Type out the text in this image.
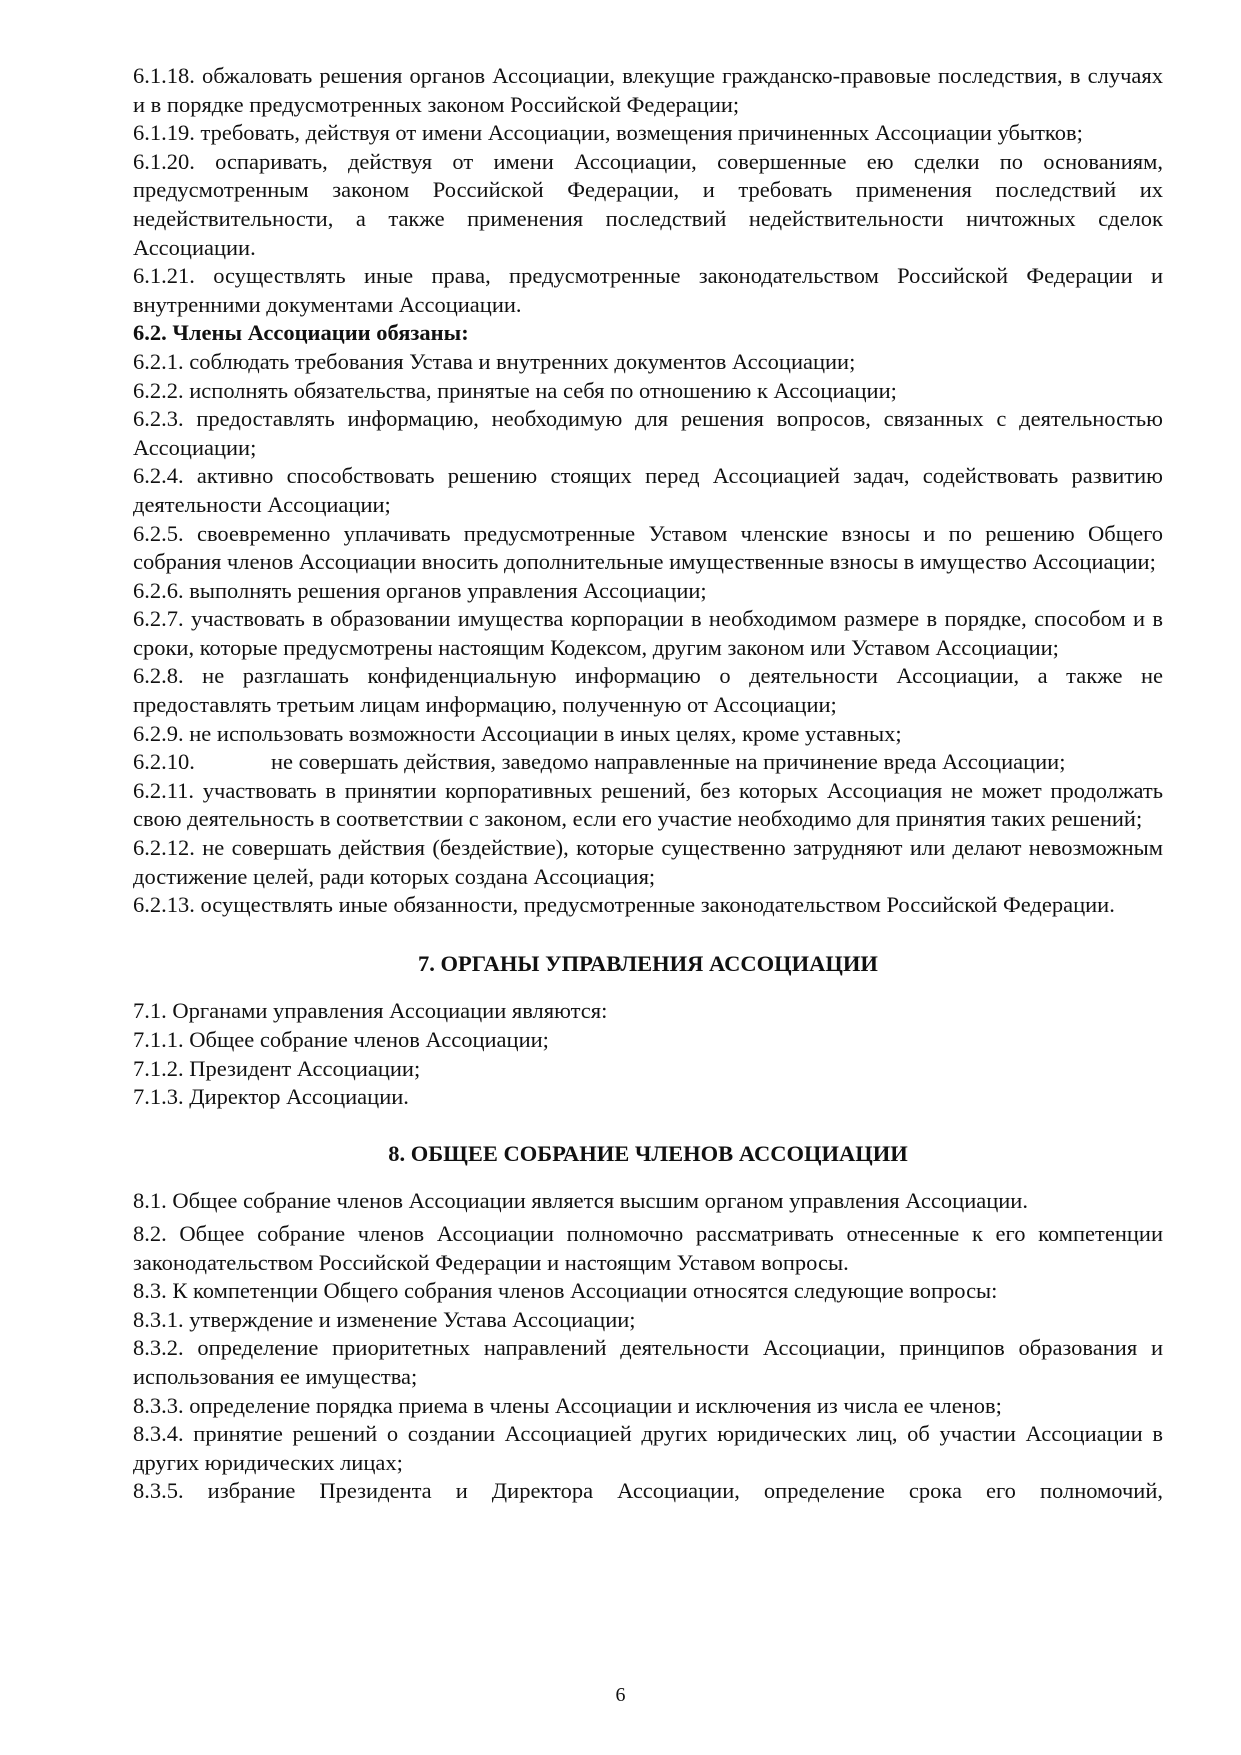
6.1.18. обжаловать решения органов Ассоциации, влекущие гражданско-правовые последствия, в случаях и в порядке предусмотренных законом Российской Федерации;

6.1.19. требовать, действуя от имени Ассоциации, возмещения причиненных Ассоциации убытков;

6.1.20. оспаривать, действуя от имени Ассоциации, совершенные ею сделки по основаниям, предусмотренным законом Российской Федерации, и требовать применения последствий их недействительности, а также применения последствий недействительности ничтожных сделок Ассоциации.

6.1.21. осуществлять иные права, предусмотренные законодательством Российской Федерации и внутренними документами Ассоциации.

6.2. Члены Ассоциации обязаны:

6.2.1. соблюдать требования Устава и внутренних документов Ассоциации;

6.2.2. исполнять обязательства, принятые на себя по отношению к Ассоциации;

6.2.3. предоставлять информацию, необходимую для решения вопросов, связанных с деятельностью Ассоциации;

6.2.4. активно способствовать решению стоящих перед Ассоциацией задач, содействовать развитию деятельности Ассоциации;

6.2.5. своевременно уплачивать предусмотренные Уставом членские взносы и по решению Общего собрания членов Ассоциации вносить дополнительные имущественные взносы в имущество Ассоциации;

6.2.6. выполнять решения органов управления Ассоциации;

6.2.7. участвовать в образовании имущества корпорации в необходимом размере в порядке, способом и в сроки, которые предусмотрены настоящим Кодексом, другим законом или Уставом Ассоциации;

6.2.8. не разглашать конфиденциальную информацию о деятельности Ассоциации, а также не предоставлять третьим лицам информацию, полученную от Ассоциации;

6.2.9. не использовать возможности Ассоциации в иных целях, кроме уставных;

6.2.10.	не совершать действия, заведомо направленные на причинение вреда Ассоциации;

6.2.11. участвовать в принятии корпоративных решений, без которых Ассоциация не может продолжать свою деятельность в соответствии с законом, если его участие необходимо для принятия таких решений;

6.2.12. не совершать действия (бездействие), которые существенно затрудняют или делают невозможным достижение целей, ради которых создана Ассоциация;

6.2.13. осуществлять иные обязанности, предусмотренные законодательством Российской Федерации.

7. ОРГАНЫ УПРАВЛЕНИЯ АССОЦИАЦИИ

7.1. Органами управления Ассоциации являются:

7.1.1. Общее собрание членов Ассоциации;

7.1.2. Президент Ассоциации;

7.1.3. Директор Ассоциации.

8. ОБЩЕЕ СОБРАНИЕ ЧЛЕНОВ АССОЦИАЦИИ

8.1. Общее собрание членов Ассоциации является высшим органом управления Ассоциации.

8.2. Общее собрание членов Ассоциации полномочно рассматривать отнесенные к его компетенции законодательством Российской Федерации и настоящим Уставом вопросы.

8.3. К компетенции Общего собрания членов Ассоциации относятся следующие вопросы:

8.3.1. утверждение и изменение Устава Ассоциации;

8.3.2. определение приоритетных направлений деятельности Ассоциации, принципов образования и использования ее имущества;

8.3.3. определение порядка приема в члены Ассоциации и исключения из числа ее членов;

8.3.4. принятие решений о создании Ассоциацией других юридических лиц, об участии Ассоциации в других юридических лицах;

8.3.5. избрание Президента и Директора Ассоциации, определение срока его полномочий,

6
